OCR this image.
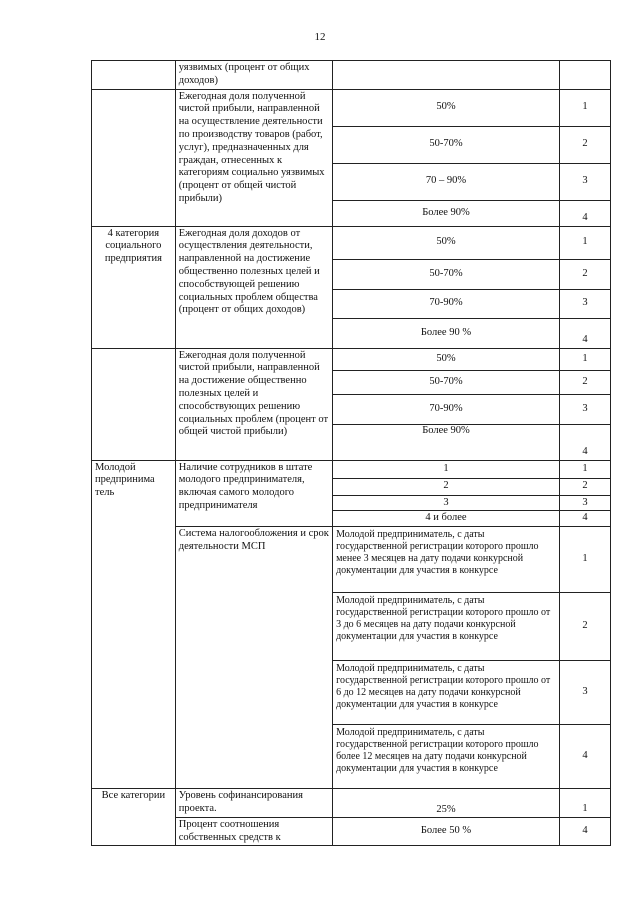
12
	уязвимых (процент от общих доходов)		
	Ежегодная доля полученной чистой прибыли, направленной на осуществление деятельности по производству товаров (работ, услуг), предназначенных для граждан, отнесенных к категориям социально уязвимых (процент от общей чистой прибыли)	50%	1
		50-70%	2
		70 – 90%	3
		Более 90%	4
4 категория социального предприятия	Ежегодная доля доходов от осуществления деятельности, направленной на достижение общественно полезных целей и способствующей решению социальных проблем общества (процент от общих доходов)	50%	1
		50-70%	2
		70-90%	3
		Более 90 %	4
	Ежегодная доля полученной чистой прибыли, направленной на достижение общественно полезных целей и способствующих решению социальных проблем (процент от общей чистой прибыли)	50%	1
		50-70%	2
		70-90%	3
		Более 90%	4
Молодой предпринима тель	Наличие сотрудников в штате молодого предпринимателя, включая самого молодого предпринимателя	1	1
		2	2
		3	3
		4 и более	4
	Система налогообложения и срок деятельности МСП	Молодой предприниматель, с даты государственной регистрации которого прошло менее 3 месяцев на дату подачи конкурсной документации для участия в конкурсе	1
		Молодой предприниматель, с даты государственной регистрации которого прошло от 3 до 6 месяцев на дату подачи конкурсной документации для участия в конкурсе	2
		Молодой предприниматель, с даты государственной регистрации которого прошло от 6 до 12 месяцев на дату подачи конкурсной документации для участия в конкурсе	3
		Молодой предприниматель, с даты государственной регистрации которого прошло более 12 месяцев на дату подачи конкурсной документации для участия в конкурсе	4
Все категории	Уровень софинансирования проекта.	25%	1
	Процент соотношения собственных средств к	Более 50 %	4
